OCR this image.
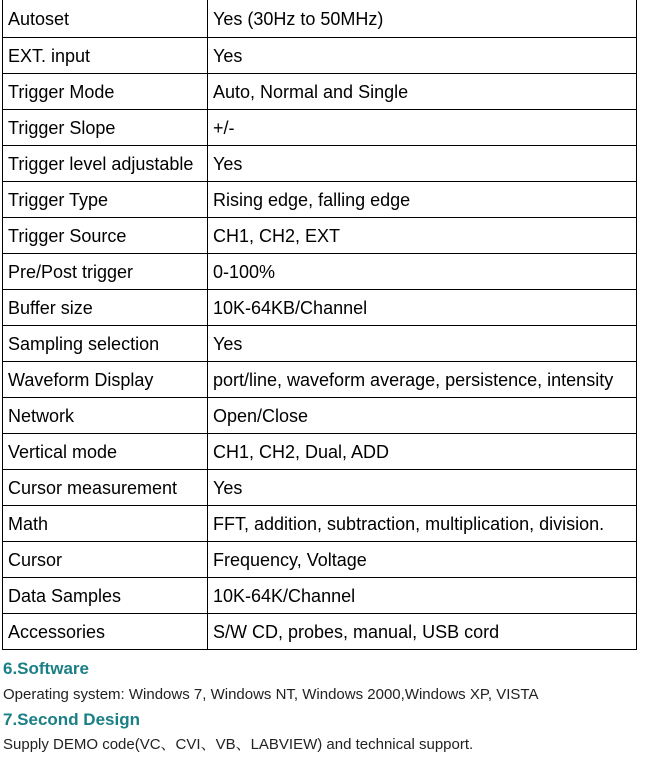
Autoset	Yes (30Hz to 50MHz)
EXT. input	Yes
Trigger Mode	Auto, Normal and Single
Trigger Slope	+/-
Trigger level adjustable	Yes
Trigger Type	Rising edge, falling edge
Trigger Source	CH1, CH2, EXT
Pre/Post trigger	0-100%
Buffer size	10K-64KB/Channel
Sampling selection	Yes
Waveform Display	port/line, waveform average, persistence, intensity
Network	Open/Close
Vertical mode	CH1, CH2, Dual, ADD
Cursor measurement	Yes
Math	FFT, addition, subtraction, multiplication, division.
Cursor	Frequency, Voltage
Data Samples	10K-64K/Channel
Accessories	S/W CD, probes, manual, USB cord
6.Software

Operating system: Windows 7, Windows NT, Windows 2000,Windows XP, VISTA

7.Second Design

Supply DEMO code(VC、CVI、VB、LABVIEW) and technical support.
